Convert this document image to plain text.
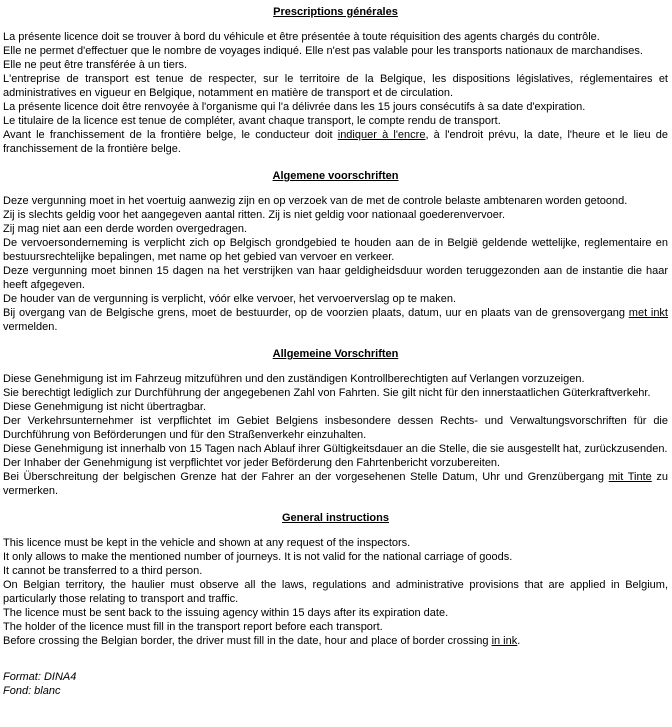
Prescriptions générales

La présente licence doit se trouver à bord du véhicule et être présentée à toute réquisition des agents chargés du contrôle.

Elle ne permet d'effectuer que le nombre de voyages indiqué. Elle n'est pas valable pour les transports nationaux de marchandises.

Elle ne peut être transférée à un tiers.

L'entreprise de transport est tenue de respecter, sur le territoire de la Belgique, les dispositions législatives, réglementaires et administratives en vigueur en Belgique, notamment en matière de transport et de circulation.

La présente licence doit être renvoyée à l'organisme qui l'a délivrée dans les 15 jours consécutifs à sa date d'expiration.

Le titulaire de la licence est tenue de compléter, avant chaque transport, le compte rendu de transport.

Avant le franchissement de la frontière belge, le conducteur doit indiquer à l'encre, à l'endroit prévu, la date, l'heure et le lieu de franchissement de la frontière belge.

Algemene voorschriften

Deze vergunning moet in het voertuig aanwezig zijn en op verzoek van de met de controle belaste ambtenaren worden getoond.

Zij is slechts geldig voor het aangegeven aantal ritten. Zij is niet geldig voor nationaal goederenvervoer.

Zij mag niet aan een derde worden overgedragen.

De vervoersonderneming is verplicht zich op Belgisch grondgebied te houden aan de in België geldende wettelijke, reglementaire en bestuursrechtelijke bepalingen, met name op het gebied van vervoer en verkeer.

Deze vergunning moet binnen 15 dagen na het verstrijken van haar geldigheidsduur worden teruggezonden aan de instantie die haar heeft afgegeven.

De houder van de vergunning is verplicht, vóór elke vervoer, het vervoerverslag op te maken.

Bij overgang van de Belgische grens, moet de bestuurder, op de voorzien plaats, datum, uur en plaats van de grensovergang met inkt vermelden.

Allgemeine Vorschriften

Diese Genehmigung ist im Fahrzeug mitzuführen und den zuständigen Kontrollberechtigten auf Verlangen vorzuzeigen.

Sie berechtigt lediglich zur Durchführung der angegebenen Zahl von Fahrten. Sie gilt nicht für den innerstaatlichen Güterkraftverkehr.

Diese Genehmigung ist nicht übertragbar.

Der Verkehrsunternehmer ist verpflichtet im Gebiet Belgiens insbesondere dessen Rechts- und Verwaltungsvorschriften für die Durchführung von Beförderungen und für den Straßenverkehr einzuhalten.

Diese Genehmigung ist innerhalb von 15 Tagen nach Ablauf ihrer Gültigkeitsdauer an die Stelle, die sie ausgestellt hat, zurückzusenden.

Der Inhaber der Genehmigung ist verpflichtet vor jeder Beförderung den Fahrtenbericht vorzubereiten.

Bei Überschreitung der belgischen Grenze hat der Fahrer an der vorgesehenen Stelle Datum, Uhr und Grenzübergang mit Tinte zu vermerken.

General instructions

This licence must be kept in the vehicle and shown at any request of the inspectors.

It only allows to make the mentioned number of journeys. It is not valid for the national carriage of goods.

It cannot be transferred to a third person.

On Belgian territory, the haulier must observe all the laws, regulations and administrative provisions that are applied in Belgium, particularly those relating to transport and traffic.

The licence must be sent back to the issuing agency within 15 days after its expiration date.

The holder of the licence must fill in the transport report before each transport.

Before crossing the Belgian border, the driver must fill in the date, hour and place of border crossing in ink.

Format: DINA4

Fond: blanc
